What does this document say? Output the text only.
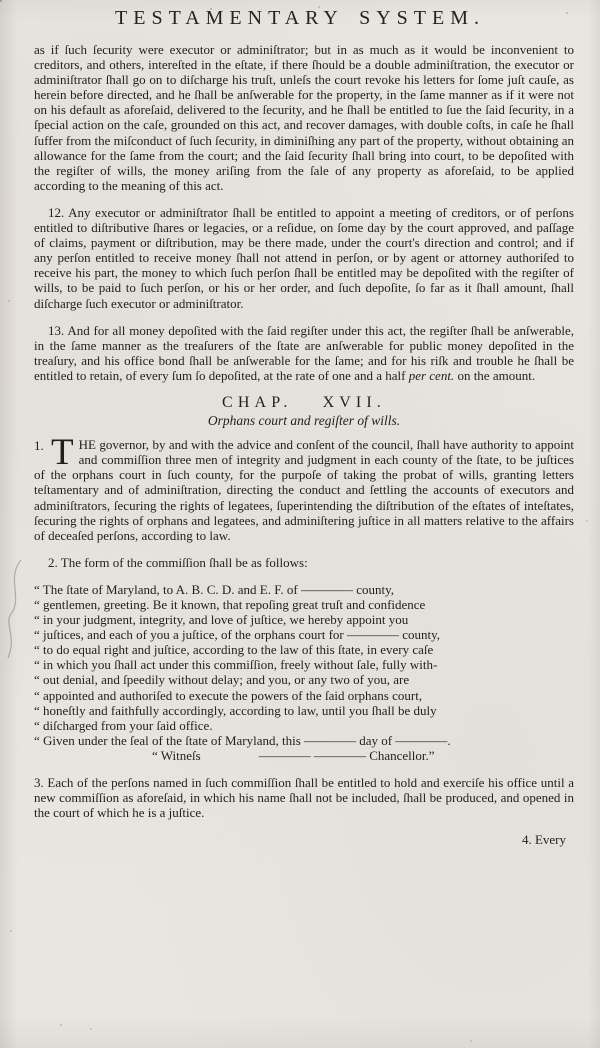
TESTAMENTARY SYSTEM.

as if ſuch ſecurity were executor or adminiſtrator; but in as much as it would be inconvenient to creditors, and others, intereſted in the eſtate, if there ſhould be a double adminiſtration, the executor or adminiſtrator ſhall go on to diſcharge his truſt, unleſs the court revoke his letters for ſome juſt cauſe, as herein before directed, and he ſhall be anſwerable for the property, in the ſame manner as if it were not on his default as aforeſaid, delivered to the ſecurity, and he ſhall be entitled to ſue the ſaid ſecurity, in a ſpecial action on the caſe, grounded on this act, and recover damages, with double coſts, in caſe he ſhall ſuffer from the miſconduct of ſuch ſecurity, in diminiſhing any part of the property, without obtaining an allowance for the ſame from the court; and the ſaid ſecurity ſhall bring into court, to be depoſited with the regiſter of wills, the money ariſing from the ſale of any property as aforeſaid, to be applied according to the meaning of this act.

12. Any executor or adminiſtrator ſhall be entitled to appoint a meeting of creditors, or of perſons entitled to diſtributive ſhares or legacies, or a reſidue, on ſome day by the court approved, and paſſage of claims, payment or diſtribution, may be there made, under the court's direction and control; and if any perſon entitled to receive money ſhall not attend in perſon, or by agent or attorney authoriſed to receive his part, the money to which ſuch perſon ſhall be entitled may be depoſited with the regiſter of wills, to be paid to ſuch perſon, or his or her order, and ſuch depoſite, ſo far as it ſhall amount, ſhall diſcharge ſuch executor or adminiſtrator.

13. And for all money depoſited with the ſaid regiſter under this act, the regiſter ſhall be anſwerable, in the ſame manner as the treaſurers of the ſtate are anſwerable for public money depoſited in the treaſury, and his office bond ſhall be anſwerable for the ſame; and for his riſk and trouble he ſhall be entitled to retain, of every ſum ſo depoſited, at the rate of one and a half per cent. on the amount.

CHAP. XVII.
Orphans court and regiſter of wills.

1. T HE governor, by and with the advice and conſent of the council, ſhall have authority to appoint and commiſſion three men of integrity and judgment in each county of the ſtate, to be juſtices of the orphans court in ſuch county, for the purpoſe of taking the probat of wills, granting letters teſtamentary and of adminiſtration, directing the conduct and ſettling the accounts of executors and adminiſtrators, ſecuring the rights of legatees, ſuperintending the diſtribution of the eſtates of inteſtates, ſecuring the rights of orphans and legatees, and adminiſtering juſtice in all matters relative to the affairs of deceaſed perſons, according to law.

2. The form of the commiſſion ſhall be as follows:

“ The ſtate of Maryland, to A. B. C. D. and E. F. of ———— county,
“ gentlemen, greeting. Be it known, that repoſing great truſt and confidence
“ in your judgment, integrity, and love of juſtice, we hereby appoint you
“ juſtices, and each of you a juſtice, of the orphans court for ———— county,
“ to do equal right and juſtice, according to the law of this ſtate, in every caſe
“ in which you ſhall act under this commiſſion, freely without ſale, fully with-
“ out denial, and ſpeedily without delay; and you, or any two of you, are
“ appointed and authoriſed to execute the powers of the ſaid orphans court,
“ honeſtly and faithfully accordingly, according to law, until you ſhall be duly
“ diſcharged from your ſaid office.
“ Given under the ſeal of the ſtate of Maryland, this ———— day of ————.
“ Witneſs	———— ———— Chancellor.”

3. Each of the perſons named in ſuch commiſſion ſhall be entitled to hold and exerciſe his office until a new commiſſion as aforeſaid, in which his name ſhall not be included, ſhall be produced, and opened in the court of which he is a juſtice.

4. Every
